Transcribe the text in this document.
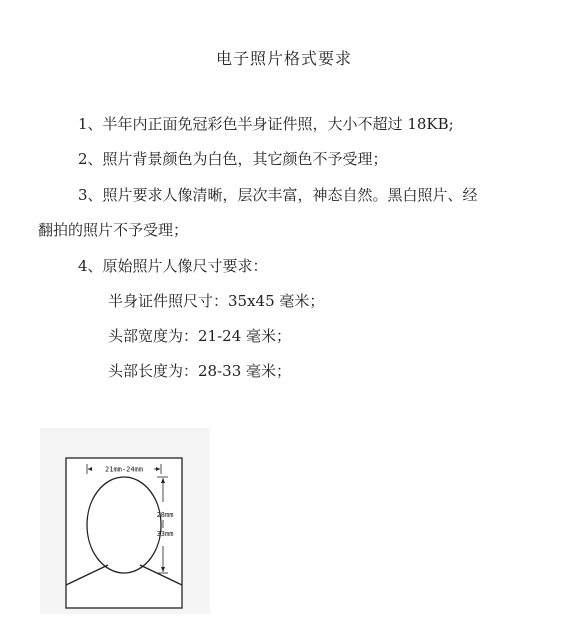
电子照片格式要求
1、半年内正面免冠彩色半身证件照，大小不超过 18KB;
2、照片背景颜色为白色，其它颜色不予受理；
3、照片要求人像清晰，层次丰富，神态自然。黑白照片、经
翻拍的照片不予受理；
4、原始照片人像尺寸要求：
半身证件照尺寸：35x45 毫米；
头部宽度为：21-24 毫米；
头部长度为：28-33 毫米；
21mm-24mm
28mm
33mm
